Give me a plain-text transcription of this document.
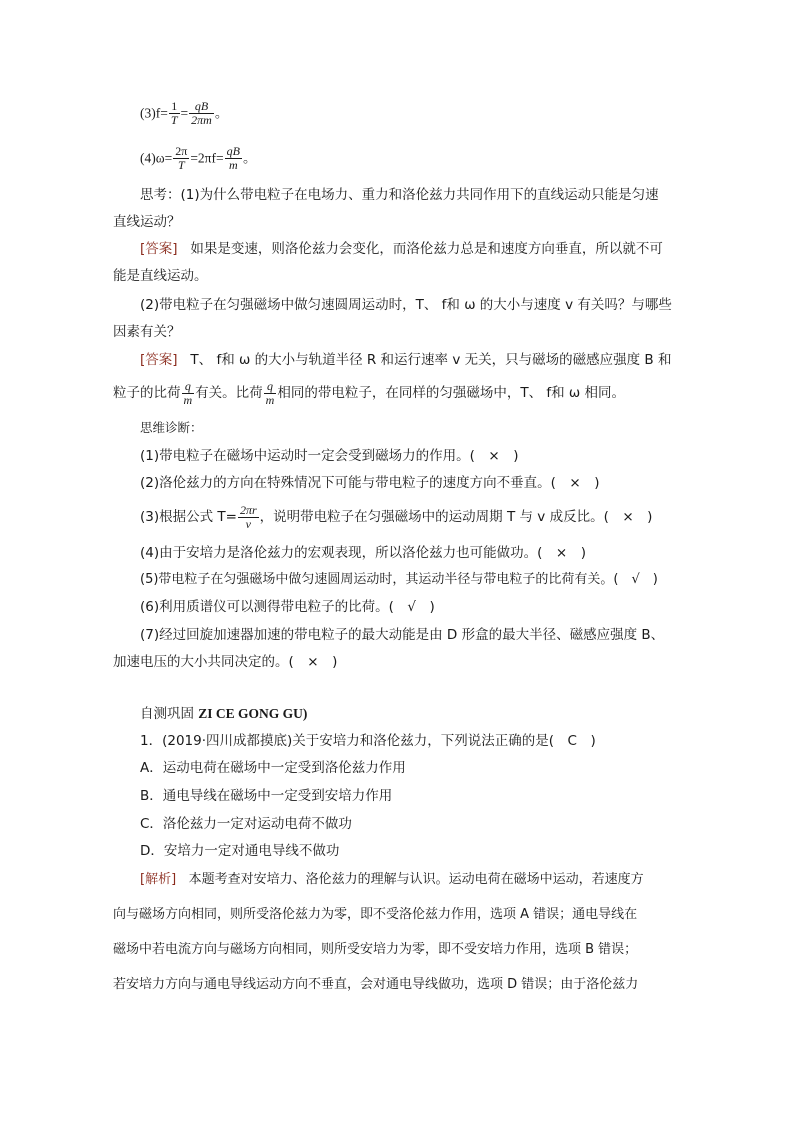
$(3)f= \frac{1}{T} = \frac{qB}{2\pi m}$ 。
$(4)\omega= \frac{2\pi}{T} =2\pi f= \frac{qB}{m}$ 。
思考：(1)为什么带电粒子在电场力、重力和洛伦兹力共同作用下的直线运动只能是匀速
直线运动？
[答案] 如果是变速，则洛伦兹力会变化，而洛伦兹力总是和速度方向垂直，所以就不可
能是直线运动。
(2)带电粒子在匀强磁场中做匀速圆周运动时，T、 f和 ω 的大小与速度 v 有关吗？与哪些
因素有关？
[答案] T、 f和 ω 的大小与轨道半径 R 和运行速率 v 无关，只与磁场的磁感应强度 B 和
粒子的比荷 $\frac{q}{m}$ 有关。比荷 $\frac{q}{m}$ 相同的带电粒子，在同样的匀强磁场中，T、 f和 ω 相同。
思维诊断：
(1)带电粒子在磁场中运动时一定会受到磁场力的作用。(　×　)
(2)洛伦兹力的方向在特殊情况下可能与带电粒子的速度方向不垂直。(　×　)
(3)根据公式 $T= \frac{2\pi r}{v}$ ，说明带电粒子在匀强磁场中的运动周期 T 与 v 成反比。(　×　)
(4)由于安培力是洛伦兹力的宏观表现，所以洛伦兹力也可能做功。(　×　)
(5)带电粒子在匀强磁场中做匀速圆周运动时，其运动半径与带电粒子的比荷有关。(　√　)
(6)利用质谱仪可以测得带电粒子的比荷。(　√　)
(7)经过回旋加速器加速的带电粒子的最大动能是由 D 形盒的最大半径、磁感应强度 B、
加速电压的大小共同决定的。(　×　)
自测巩固 ZI CE GONG GU)
1．(2019·四川成都摸底)关于安培力和洛伦兹力，下列说法正确的是(　C　)
A．运动电荷在磁场中一定受到洛伦兹力作用
B．通电导线在磁场中一定受到安培力作用
C．洛伦兹力一定对运动电荷不做功
D．安培力一定对通电导线不做功
[解析] 本题考查对安培力、洛伦兹力的理解与认识。运动电荷在磁场中运动，若速度方
向与磁场方向相同，则所受洛伦兹力为零，即不受洛伦兹力作用，选项 A 错误；通电导线在
磁场中若电流方向与磁场方向相同，则所受安培力为零，即不受安培力作用，选项 B 错误；
若安培力方向与通电导线运动方向不垂直，会对通电导线做功，选项 D 错误；由于洛伦兹力
